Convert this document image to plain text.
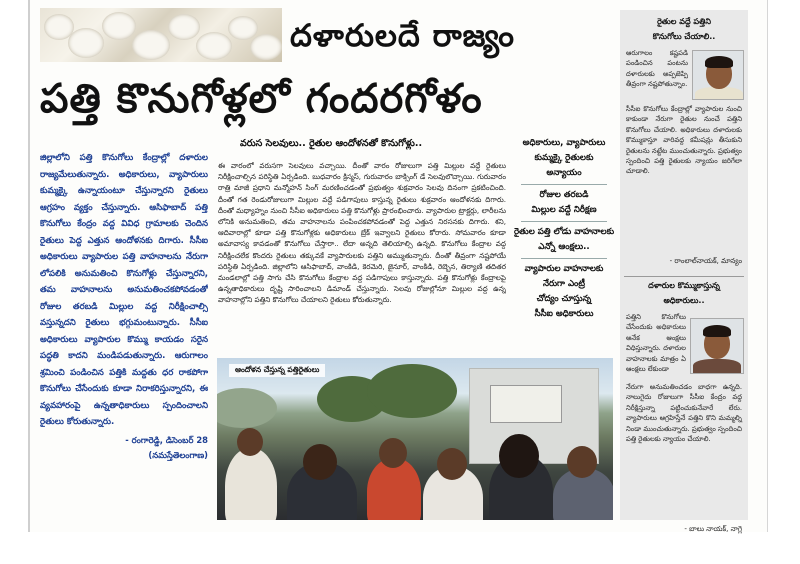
దళారులదే రాజ్యం
పత్తి కొనుగోళ్లలో గందరగోళం
జిల్లాలోని పత్తి కొనుగోలు కేంద్రాల్లో దళారుల రాజ్యమేలుతున్నారు. అధికారులు, వ్యాపారులు కుమ్మక్కై ఉన్నాయంటూ చేస్తున్నారని రైతులు ఆగ్రహం వ్యక్తం చేస్తున్నారు. ఆసిఫాబాద్ పత్తి కొనుగోలు కేంద్రం వద్ద వివిధ గ్రామాలకు చెందిన రైతులు పెద్ద ఎత్తున ఆందోళనకు దిగారు. సీసీఐ అధికారులు వ్యాపారుల పత్తి వాహనాలను నేరుగా లోపలికి అనుమతించి కొనుగోళ్లు చేస్తున్నారని, తమ వాహనాలను అనుమతించకపోవడంతో రోజుల తరబడి మిల్లుల వద్ద నిరీక్షించాల్సి వస్తున్నదని రైతులు భగ్గుమంటున్నారు. సీసీఐ అధికారులు వ్యాపారుల కొమ్ము కాయడం సరైన పద్ధతి కాదని మండిపడుతున్నారు. ఆరుగాలం శ్రమించి పండించిన పత్తికి మద్దతు ధర రాకపోగా కొనుగోలు చేసేందుకు కూడా నిరాకరిస్తున్నారని, ఈ వ్యవహారంపై ఉన్నతాధికారులు స్పందించాలని రైతులు కోరుతున్నారు.
- రంగారెడ్డి, డిసెంబర్ 28
(నమస్తేతెలంగాణ)
వరుస సెలవులు.. రైతుల ఆందోళనతో కొనుగోళ్లు..
ఈ వారంలో వరుసగా సెలవులు వచ్చాయి. దీంతో వారం రోజులుగా పత్తి మిల్లుల వద్దే రైతులు నిరీక్షించాల్సిన పరిస్థితి ఏర్పడింది. బుధవారం క్రిస్మస్, గురువారం బాక్సింగ్ డే సెలవులొచ్చాయి. గురువారం రాత్రి మాజీ ప్రధాని మన్మోహన్ సింగ్ మరణించడంతో ప్రభుత్వం శుక్రవారం సెలవు దినంగా ప్రకటించింది. దీంతో గత రెండురోజులుగా మిల్లుల వద్దే పడిగాపులు కాస్తున్న రైతులు శుక్రవారం ఆందోళనకు దిగారు. దీంతో మధ్యాహ్నం నుంచి సీసీఐ అధికారులు పత్తి కొనుగోళ్లు ప్రారంభించారు. వ్యాపారుల ట్రాక్టర్లు, లారీలను లోనికి అనుమతించి, తమ వాహనాలను పంపించకపోవడంతో పెద్ద ఎత్తున నిరసనకు దిగారు. శని, ఆదివారాల్లో కూడా పత్తి కొనుగోళ్లకు అధికారులు బ్రేక్ ఇవ్వాలని రైతులు కోరారు. సోమవారం కూడా అమావాస్య కావడంతో కొనుగోలు చేస్తారా.. లేదా అన్నది తెలియాల్సి ఉన్నది. కొనుగోలు కేంద్రాల వద్ద నిరీక్షించలేక కొందరు రైతులు తక్కువకే వ్యాపారులకు పత్తిని అమ్ముతున్నారు. దీంతో తీవ్రంగా నష్టపోయే పరిస్థితి ఏర్పడింది. జిల్లాలోని ఆసిఫాబాద్, వాంకిడి, కెరమెరి, జైనూర్, వాంకిడి, రెబ్బెన, తిర్యాణి తదితర మండలాల్లో పత్తి సాగు చేసి కొనుగోలు కేంద్రాల వద్ద పడిగాపులు కాస్తున్నారు. పత్తి కొనుగోళ్లు కేంద్రాలపై ఉన్నతాధికారులు దృష్టి సారించాలని డిమాండ్ చేస్తున్నారు. సెలవు రోజుల్లోనూ మిల్లుల వద్ద ఉన్న వాహనాల్లోని పత్తిని కొనుగోలు చేయాలని రైతులు కోరుతున్నారు.
అధికారులు, వ్యాపారులు
కుమ్మక్కై రైతులకు
అన్యాయం
రోజుల తరబడి
మిల్లుల వద్దే నిరీక్షణ
రైతుల పత్తి లోడు వాహనాలకు
ఎన్నో ఆంక్షలు..
వ్యాపారుల వాహనాలకు
నేరుగా ఎంట్రీ
చోద్యం చూస్తున్న
సీసీఐ అధికారులు
ఆందోళన చేస్తున్న పత్తిరైతులు
రైతుల వద్దే పత్తిని
కొనుగోలు చేయాలి..
ఆరుగాలం కష్టపడి పండించిన పంటను దళారులకు అప్పజెప్పి తీవ్రంగా నష్టపోతున్నాం.
సీసీఐ కొనుగోలు కేంద్రాల్లో వ్యాపారుల నుంచి కాకుండా నేరుగా రైతుల నుంచే పత్తిని కొనుగోలు చేయాలి. అధికారులు దళారులకు కొమ్ముకాస్తూ వారివద్ద కమీషన్లు తీసుకుని రైతులను నట్టేట ముంచుతున్నారు. ప్రభుత్వం స్పందించి పత్తి రైతులకు న్యాయం జరిగేలా చూడాలి.
- రాంలాల్‌నాయక్, మాన్యం
దళారుల కొమ్ముకాస్తున్న
అధికారులు..
పత్తిని కొనుగోలు చేసేందుకు అధికారులు అనేక ఆంక్షలు విధిస్తున్నారు. దళారుల వాహనాలకు మాత్రం ఏ ఆంక్షలు లేకుండా
నేరుగా అనుమతించడం బాధగా ఉన్నది. నాలుగైదు రోజులుగా సీసీఐ కేంద్రం వద్ద నిరీక్షిస్తున్నా పట్టించుకునేవారే లేరు. వ్యాపారులు ఆగ్రహిస్తేనే పత్తిని కొని మమ్మల్ని నిండా ముంచుతున్నారు. ప్రభుత్వం స్పందించి పత్తి రైతులకు న్యాయం చేయాలి.
- బాలు నాయక్, నాగ్లె
